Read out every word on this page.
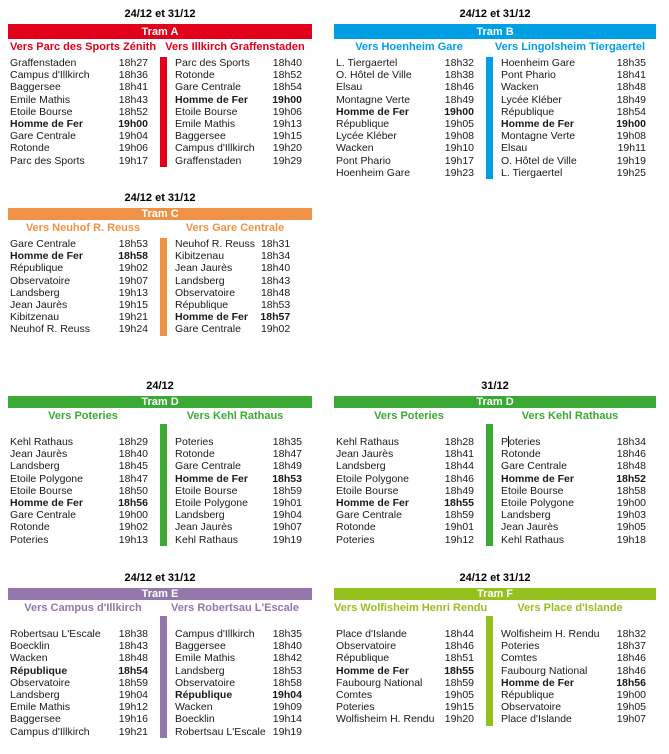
24/12 et 31/12
Tram A
Vers Parc des Sports Zénith Vers Illkirch Graffenstaden
Graffenstaden	18h27
Campus d'Illkirch	18h36
Baggersee	18h41
Emile Mathis	18h43
Etoile Bourse	18h52
Homme de Fer	19h00
Gare Centrale	19h04
Rotonde	19h06
Parc des Sports	19h17
Parc des Sports 18h40
Rotonde	18h52
Gare Centrale	18h54
Homme de Fer 19h00
Etoile Bourse	19h06
Emile Mathis	19h13
Baggersee	19h15
Campus d'Illkirch 19h20
Graffenstaden	19h29
24/12 et 31/12
Tram B
Vers Hoenheim Gare	Vers Lingolsheim Tiergaertel
L. Tiergaertel	18h32
O. Hôtel de Ville	18h38
Elsau	18h46
Montagne Verte	18h49
Homme de Fer	19h00
République	19h05
Lycée Kléber	19h08
Wacken	19h10
Pont Phario	19h17
Hoenheim Gare	19h23
Hoenheim Gare	18h35
Pont Phario	18h41
Wacken	18h48
Lycée Kléber	18h49
République	18h54
Homme de Fer	19h00
Montagne Verte	19h08
Elsau	19h11
O. Hôtel de Ville	19h19
L. Tiergaertel	19h25
24/12 et 31/12
Tram C
Vers Neuhof R. Reuss	Vers Gare Centrale
Gare Centrale	18h53
Homme de Fer	18h58
République	19h02
Observatoire	19h07
Landsberg	19h13
Jean Jaurès	19h15
Kibitzenau	19h21
Neuhof R. Reuss	19h24
Neuhof R. Reuss 18h31
Kibitzenau	18h34
Jean Jaurès	18h40
Landsberg	18h43
Observatoire 18h48
République	18h53
Homme de Fer 18h57
Gare Centrale 19h02
24/12
Tram D
Vers Poteries	Vers Kehl Rathaus
Kehl Rathaus	18h29
Jean Jaurès	18h40
Landsberg	18h45
Etoile Polygone	18h47
Etoile Bourse	18h50
Homme de Fer	18h56
Gare Centrale	19h00
Rotonde	19h02
Poteries	19h13
Poteries	18h35
Rotonde	18h47
Gare Centrale	18h49
Homme de Fer 18h53
Etoile Bourse	18h59
Etoile Polygone 19h01
Landsberg	19h04
Jean Jaurès	19h07
Kehl Rathaus	19h19
31/12
Tram D
Vers Poteries	Vers Kehl Rathaus
Kehl Rathaus	18h28
Jean Jaurès	18h41
Landsberg	18h44
Etoile Polygone	18h46
Etoile Bourse	18h49
Homme de Fer	18h55
Gare Centrale	18h59
Rotonde	19h01
Poteries	19h12
Poteries	18h34
Rotonde	18h46
Gare Centrale	18h48
Homme de Fer	18h52
Etoile Bourse	18h58
Etoile Polygone	19h00
Landsberg	19h03
Jean Jaurès	19h05
Kehl Rathaus	19h18
24/12 et 31/12
Tram E
Vers Campus d'Illkirch	Vers Robertsau L'Escale
Robertsau L'Escale 18h38
Boecklin	18h43
Wacken	18h48
République	18h54
Observatoire	18h59
Landsberg	19h04
Emile Mathis	19h12
Baggersee	19h16
Campus d'Illkirch	19h21
Campus d'Illkirch 18h35
Baggersee	18h40
Emile Mathis	18h42
Landsberg	18h53
Observatoire	18h58
République	19h04
Wacken	19h09
Boecklin	19h14
Robertsau L'Escale 19h19
24/12 et 31/12
Tram F
Vers Wolfisheim Henri Rendu	Vers Place d'Islande
Place d'Islande	18h44
Observatoire	18h46
République	18h51
Homme de Fer	18h55
Faubourg National 18h59
Comtes	19h05
Poteries	19h15
Wolfisheim H. Rendu 19h20
Wolfisheim H. Rendu 18h32
Poteries	18h37
Comtes	18h46
Faubourg National	18h46
Homme de Fer	18h56
République	19h00
Observatoire	19h05
Place d'Islande	19h07
